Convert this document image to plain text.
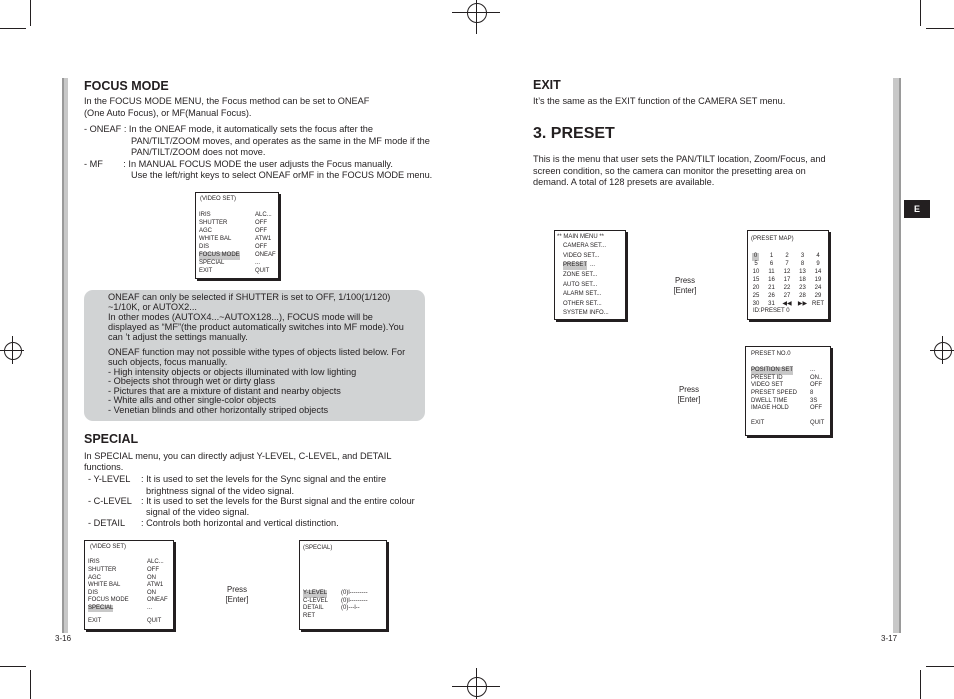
E
FOCUS MODE
In the FOCUS MODE MENU, the Focus method can be set to ONEAF
(One Auto Focus), or MF(Manual Focus).
- ONEAF : In the ONEAF mode, it automatically sets the focus after the
PAN/TILT/ZOOM moves, and operates as the same in the MF mode if the
PAN/TILT/ZOOM does not move.
- MF        : In MANUAL FOCUS MODE the user adjusts the Focus manually.
Use the left/right keys to select ONEAF orMF in the FOCUS MODE menu.
(VIDEO SET)
IRIS	ALC...
SHUTTER	OFF
AGC	OFF
WHITE BAL	ATW1
DIS	OFF
FOCUS MODE	ONEAF
SPECIAL	...
EXIT	QUIT
ONEAF can only be selected if SHUTTER is set to OFF, 1/100(1/120)
~1/10K, or AUTOX2...
In other modes (AUTOX4...~AUTOX128...), FOCUS mode will be
displayed as “MF”(the product automatically switches into MF mode).You
can ’t adjust the settings manually.
ONEAF function may not possible withe types of objects listed below. For
such objects, focus manually.
- High intensity objects or objects illuminated with low lighting
- Obejects shot through wet or dirty glass
- Pictures that are a mixture of distant and nearby objects
- White alls and other single-color objects
- Venetian blinds and other horizontally striped objects
SPECIAL
In SPECIAL menu, you can directly adjust Y-LEVEL, C-LEVEL, and DETAIL
functions.
- Y-LEVEL : It is used to set the levels for the Sync signal and the entire
brightness signal of the video signal.
- C-LEVEL : It is used to set the levels for the Burst signal and the entire colour
signal of the video signal.
- DETAIL : Controls both horizontal and vertical distinction.
(VIDEO SET)
IRIS	ALC...
SHUTTER	OFF
AGC	ON
WHITE BAL	ATW1
DIS	ON
FOCUS MODE	ONEAF
SPECIAL	...
EXIT	QUIT
Press
[Enter]
(SPECIAL)
Y-LEVEL (0)l---------
C-LEVEL (0)l---------
DETAIL	(0)---l--
RET
3-16
EXIT
It’s the same as the EXIT function of the CAMERA SET menu.
3. PRESET
This is the menu that user sets the PAN/TILT location, Zoom/Focus, and
screen condition, so the camera can monitor the presetting area on
demand. A total of 128 presets are available.
** MAIN MENU **
CAMERA SET...
VIDEO SET...
PRESET ...
ZONE SET...
AUTO SET...
ALARM SET...
OTHER SET...
SYSTEM INFO...
Press
[Enter]
(PRESET MAP)
0	1	2	3	4
5	6	7	8	9
10	11	12	13	14
15	16	17	18	19
20	21	22	23	24
25	26	27	28	29
30	31	◀◀	▶▶ RET
ID:PRESET 0
Press
[Enter]
PRESET NO.0
POSITION SET	...
PRESET ID	ON..
VIDEO SET	OFF
PRESET SPEED 8
DWELL TIME	3S
IMAGE HOLD	OFF
EXIT	QUIT
3-17
